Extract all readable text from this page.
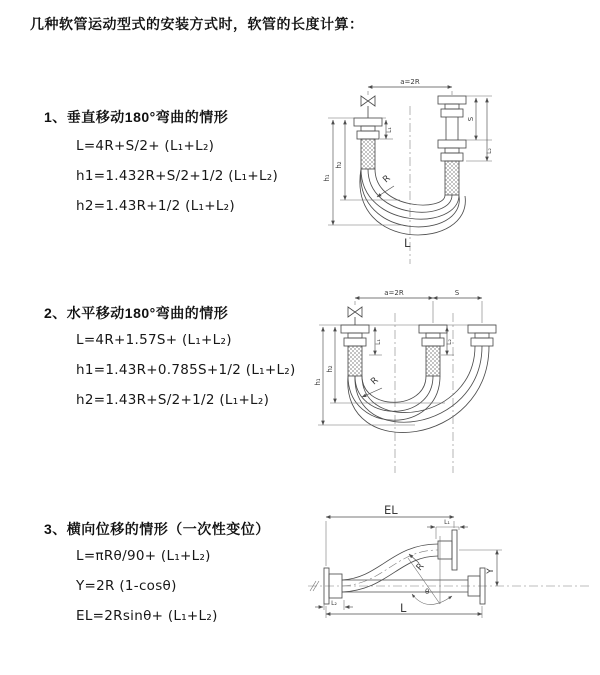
几种软管运动型式的安装方式时，软管的长度计算：
1、垂直移动180°弯曲的情形
L=4R+S/2+ (L₁+L₂)
h1=1.432R+S/2+1/2 (L₁+L₂)
h2=1.43R+1/2 (L₁+L₂)
a=2R
h₂
h₁
L₁
S
L₂
R
L
2、水平移动180°弯曲的情形
L=4R+1.57S+ (L₁+L₂)
h1=1.43R+0.785S+1/2 (L₁+L₂)
h2=1.43R+S/2+1/2 (L₁+L₂)
a=2R	S
h₂
h₁
L₁	L₂
R
3、横向位移的情形（一次性变位）
L=πRθ/90+ (L₁+L₂)
Y=2R (1-cosθ)
EL=2Rsinθ+ (L₁+L₂)
EL
L₁
Y
θ
R
L₂	L
